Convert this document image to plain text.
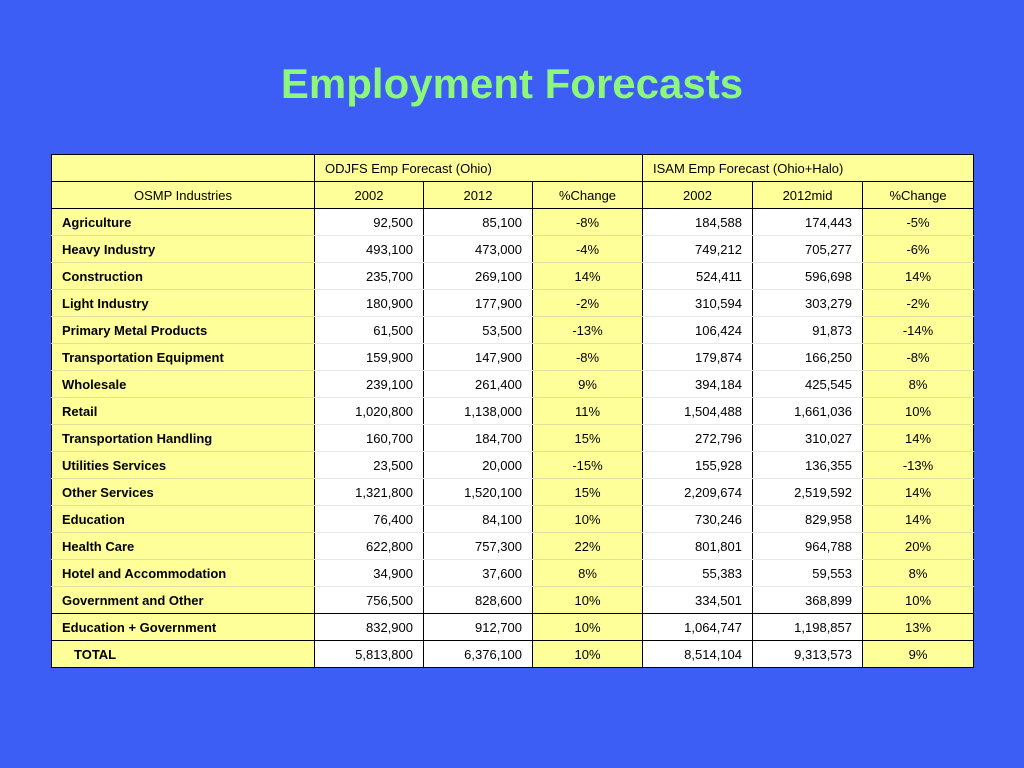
Employment Forecasts
	ODJFS Emp Forecast (Ohio)			ISAM Emp Forecast (Ohio+Halo)		
OSMP Industries	2002	2012	%Change	2002	2012mid	%Change
Agriculture	92,500	85,100	-8%	184,588	174,443	-5%
Heavy Industry	493,100	473,000	-4%	749,212	705,277	-6%
Construction	235,700	269,100	14%	524,411	596,698	14%
Light Industry	180,900	177,900	-2%	310,594	303,279	-2%
Primary Metal Products	61,500	53,500	-13%	106,424	91,873	-14%
Transportation Equipment	159,900	147,900	-8%	179,874	166,250	-8%
Wholesale	239,100	261,400	9%	394,184	425,545	8%
Retail	1,020,800	1,138,000	11%	1,504,488	1,661,036	10%
Transportation Handling	160,700	184,700	15%	272,796	310,027	14%
Utilities Services	23,500	20,000	-15%	155,928	136,355	-13%
Other Services	1,321,800	1,520,100	15%	2,209,674	2,519,592	14%
Education	76,400	84,100	10%	730,246	829,958	14%
Health Care	622,800	757,300	22%	801,801	964,788	20%
Hotel and Accommodation	34,900	37,600	8%	55,383	59,553	8%
Government and Other	756,500	828,600	10%	334,501	368,899	10%
Education + Government	832,900	912,700	10%	1,064,747	1,198,857	13%
TOTAL	5,813,800	6,376,100	10%	8,514,104	9,313,573	9%
